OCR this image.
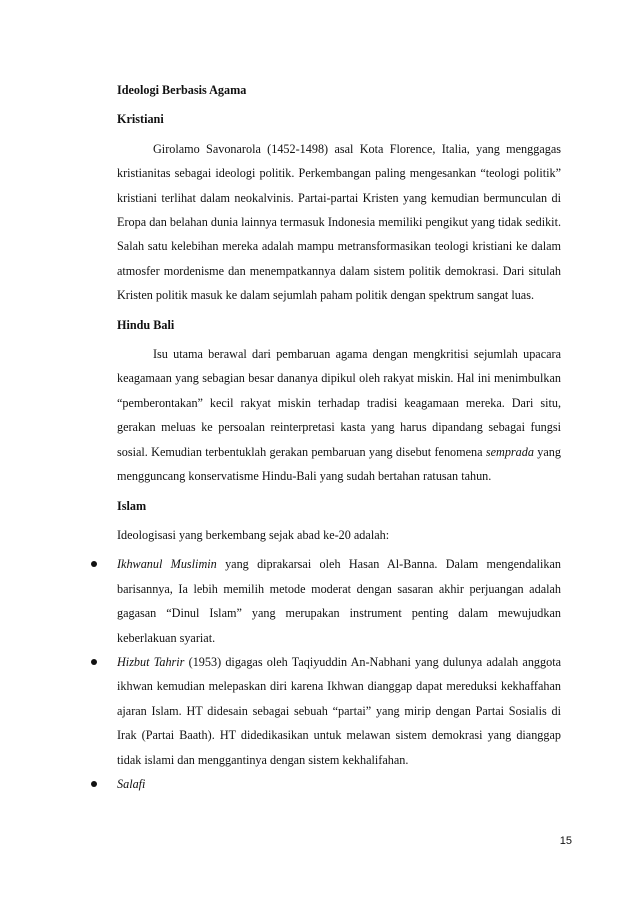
Ideologi Berbasis Agama
Kristiani

Girolamo Savonarola (1452-1498) asal Kota Florence, Italia, yang menggagas kristianitas sebagai ideologi politik. Perkembangan paling mengesankan “teologi politik” kristiani terlihat dalam neokalvinis. Partai-partai Kristen yang kemudian bermunculan di Eropa dan belahan dunia lainnya termasuk Indonesia memiliki pengikut yang tidak sedikit. Salah satu kelebihan mereka adalah mampu metransformasikan teologi kristiani ke dalam atmosfer mordenisme dan menempatkannya dalam sistem politik demokrasi. Dari situlah Kristen politik masuk ke dalam sejumlah paham politik dengan spektrum sangat luas.

Hindu Bali

Isu utama berawal dari pembaruan agama dengan mengkritisi sejumlah upacara keagamaan yang sebagian besar dananya dipikul oleh rakyat miskin. Hal ini menimbulkan “pemberontakan” kecil rakyat miskin terhadap tradisi keagamaan mereka. Dari situ, gerakan meluas ke persoalan reinterpretasi kasta yang harus dipandang sebagai fungsi sosial. Kemudian terbentuklah gerakan pembaruan yang disebut fenomena semprada yang mengguncang konservatisme Hindu-Bali yang sudah bertahan ratusan tahun.

Islam

Ideologisasi yang berkembang sejak abad ke-20 adalah:

Ikhwanul Muslimin yang diprakarsai oleh Hasan Al-Banna. Dalam mengendalikan barisannya, Ia lebih memilih metode moderat dengan sasaran akhir perjuangan adalah gagasan “Dinul Islam” yang merupakan instrument penting dalam mewujudkan keberlakuan syariat.
Hizbut Tahrir (1953) digagas oleh Taqiyuddin An-Nabhani yang dulunya adalah anggota ikhwan kemudian melepaskan diri karena Ikhwan dianggap dapat mereduksi kekhaffahan ajaran Islam. HT didesain sebagai sebuah “partai” yang mirip dengan Partai Sosialis di Irak (Partai Baath). HT didedikasikan untuk melawan sistem demokrasi yang dianggap tidak islami dan menggantinya dengan sistem kekhalifahan.
Salafi
15
